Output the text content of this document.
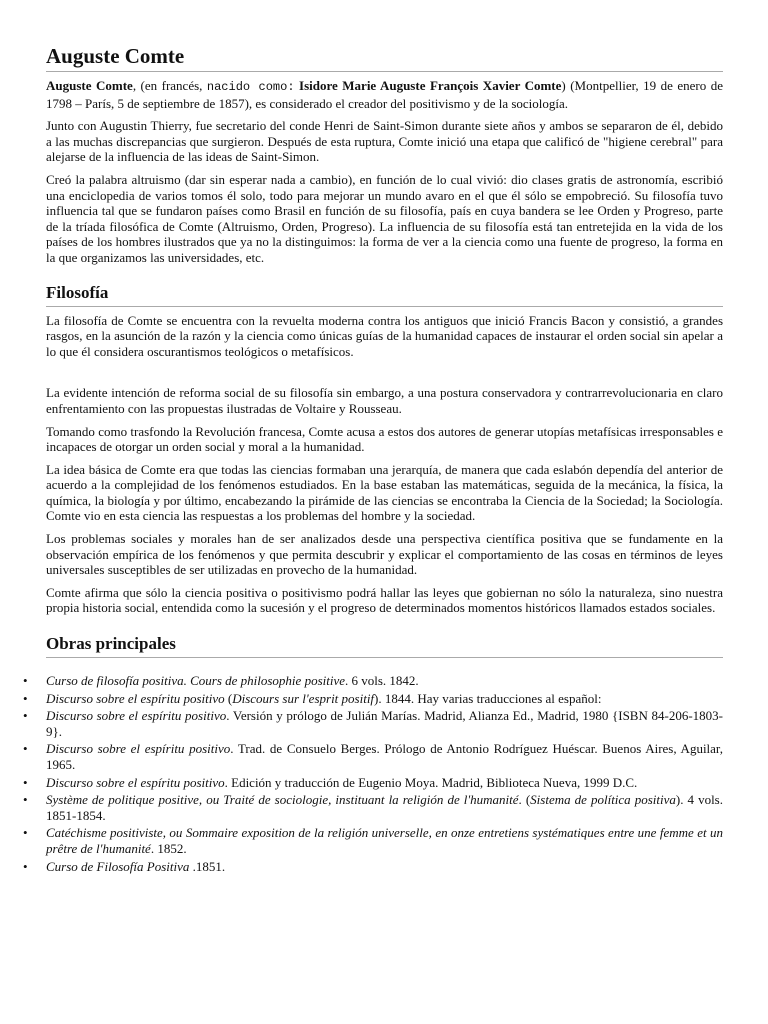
Auguste Comte

Auguste Comte, (en francés, nacido como: Isidore Marie Auguste François Xavier Comte) (Montpellier, 19 de enero de 1798 – París, 5 de septiembre de 1857), es considerado el creador del positivismo y de la sociología.

Junto con Augustin Thierry, fue secretario del conde Henri de Saint-Simon durante siete años y ambos se separaron de él, debido a las muchas discrepancias que surgieron. Después de esta ruptura, Comte inició una etapa que calificó de "higiene cerebral" para alejarse de la influencia de las ideas de Saint-Simon.

Creó la palabra altruismo (dar sin esperar nada a cambio), en función de lo cual vivió: dio clases gratis de astronomía, escribió una enciclopedia de varios tomos él solo, todo para mejorar un mundo avaro en el que él sólo se empobreció. Su filosofía tuvo influencia tal que se fundaron países como Brasil en función de su filosofía, país en cuya bandera se lee Orden y Progreso, parte de la tríada filosófica de Comte (Altruismo, Orden, Progreso). La influencia de su filosofía está tan entretejida en la vida de los países de los hombres ilustrados que ya no la distinguimos: la forma de ver a la ciencia como una fuente de progreso, la forma en la que organizamos las universidades, etc.

Filosofía

La filosofía de Comte se encuentra con la revuelta moderna contra los antiguos que inició Francis Bacon y consistió, a grandes rasgos, en la asunción de la razón y la ciencia como únicas guías de la humanidad capaces de instaurar el orden social sin apelar a lo que él considera oscurantismos teológicos o metafísicos.

La evidente intención de reforma social de su filosofía sin embargo, a una postura conservadora y contrarrevolucionaria en claro enfrentamiento con las propuestas ilustradas de Voltaire y Rousseau.

Tomando como trasfondo la Revolución francesa, Comte acusa a estos dos autores de generar utopías metafísicas irresponsables e incapaces de otorgar un orden social y moral a la humanidad.

La idea básica de Comte era que todas las ciencias formaban una jerarquía, de manera que cada eslabón dependía del anterior de acuerdo a la complejidad de los fenómenos estudiados. En la base estaban las matemáticas, seguida de la mecánica, la física, la química, la biología y por último, encabezando la pirámide de las ciencias se encontraba la Ciencia de la Sociedad; la Sociología. Comte vio en esta ciencia las respuestas a los problemas del hombre y la sociedad.

Los problemas sociales y morales han de ser analizados desde una perspectiva científica positiva que se fundamente en la observación empírica de los fenómenos y que permita descubrir y explicar el comportamiento de las cosas en términos de leyes universales susceptibles de ser utilizadas en provecho de la humanidad.

Comte afirma que sólo la ciencia positiva o positivismo podrá hallar las leyes que gobiernan no sólo la naturaleza, sino nuestra propia historia social, entendida como la sucesión y el progreso de determinados momentos históricos llamados estados sociales.

Obras principales
• Curso de filosofía positiva. Cours de philosophie positive. 6 vols. 1842.
• Discurso sobre el espíritu positivo (Discours sur l'esprit positif). 1844. Hay varias traducciones al español:
• Discurso sobre el espíritu positivo. Versión y prólogo de Julián Marías. Madrid, Alianza Ed., Madrid, 1980 {ISBN 84-206-1803-9}.
• Discurso sobre el espíritu positivo. Trad. de Consuelo Berges. Prólogo de Antonio Rodríguez Huéscar. Buenos Aires, Aguilar, 1965.
• Discurso sobre el espíritu positivo. Edición y traducción de Eugenio Moya. Madrid, Biblioteca Nueva, 1999 D.C.
• Système de politique positive, ou Traité de sociologie, instituant la religión de l'humanité. (Sistema de política positiva). 4 vols. 1851-1854.
• Catéchisme positiviste, ou Sommaire exposition de la religión universelle, en onze entretiens systématiques entre une femme et un prêtre de l'humanité. 1852.
• Curso de Filosofía Positiva .1851.
